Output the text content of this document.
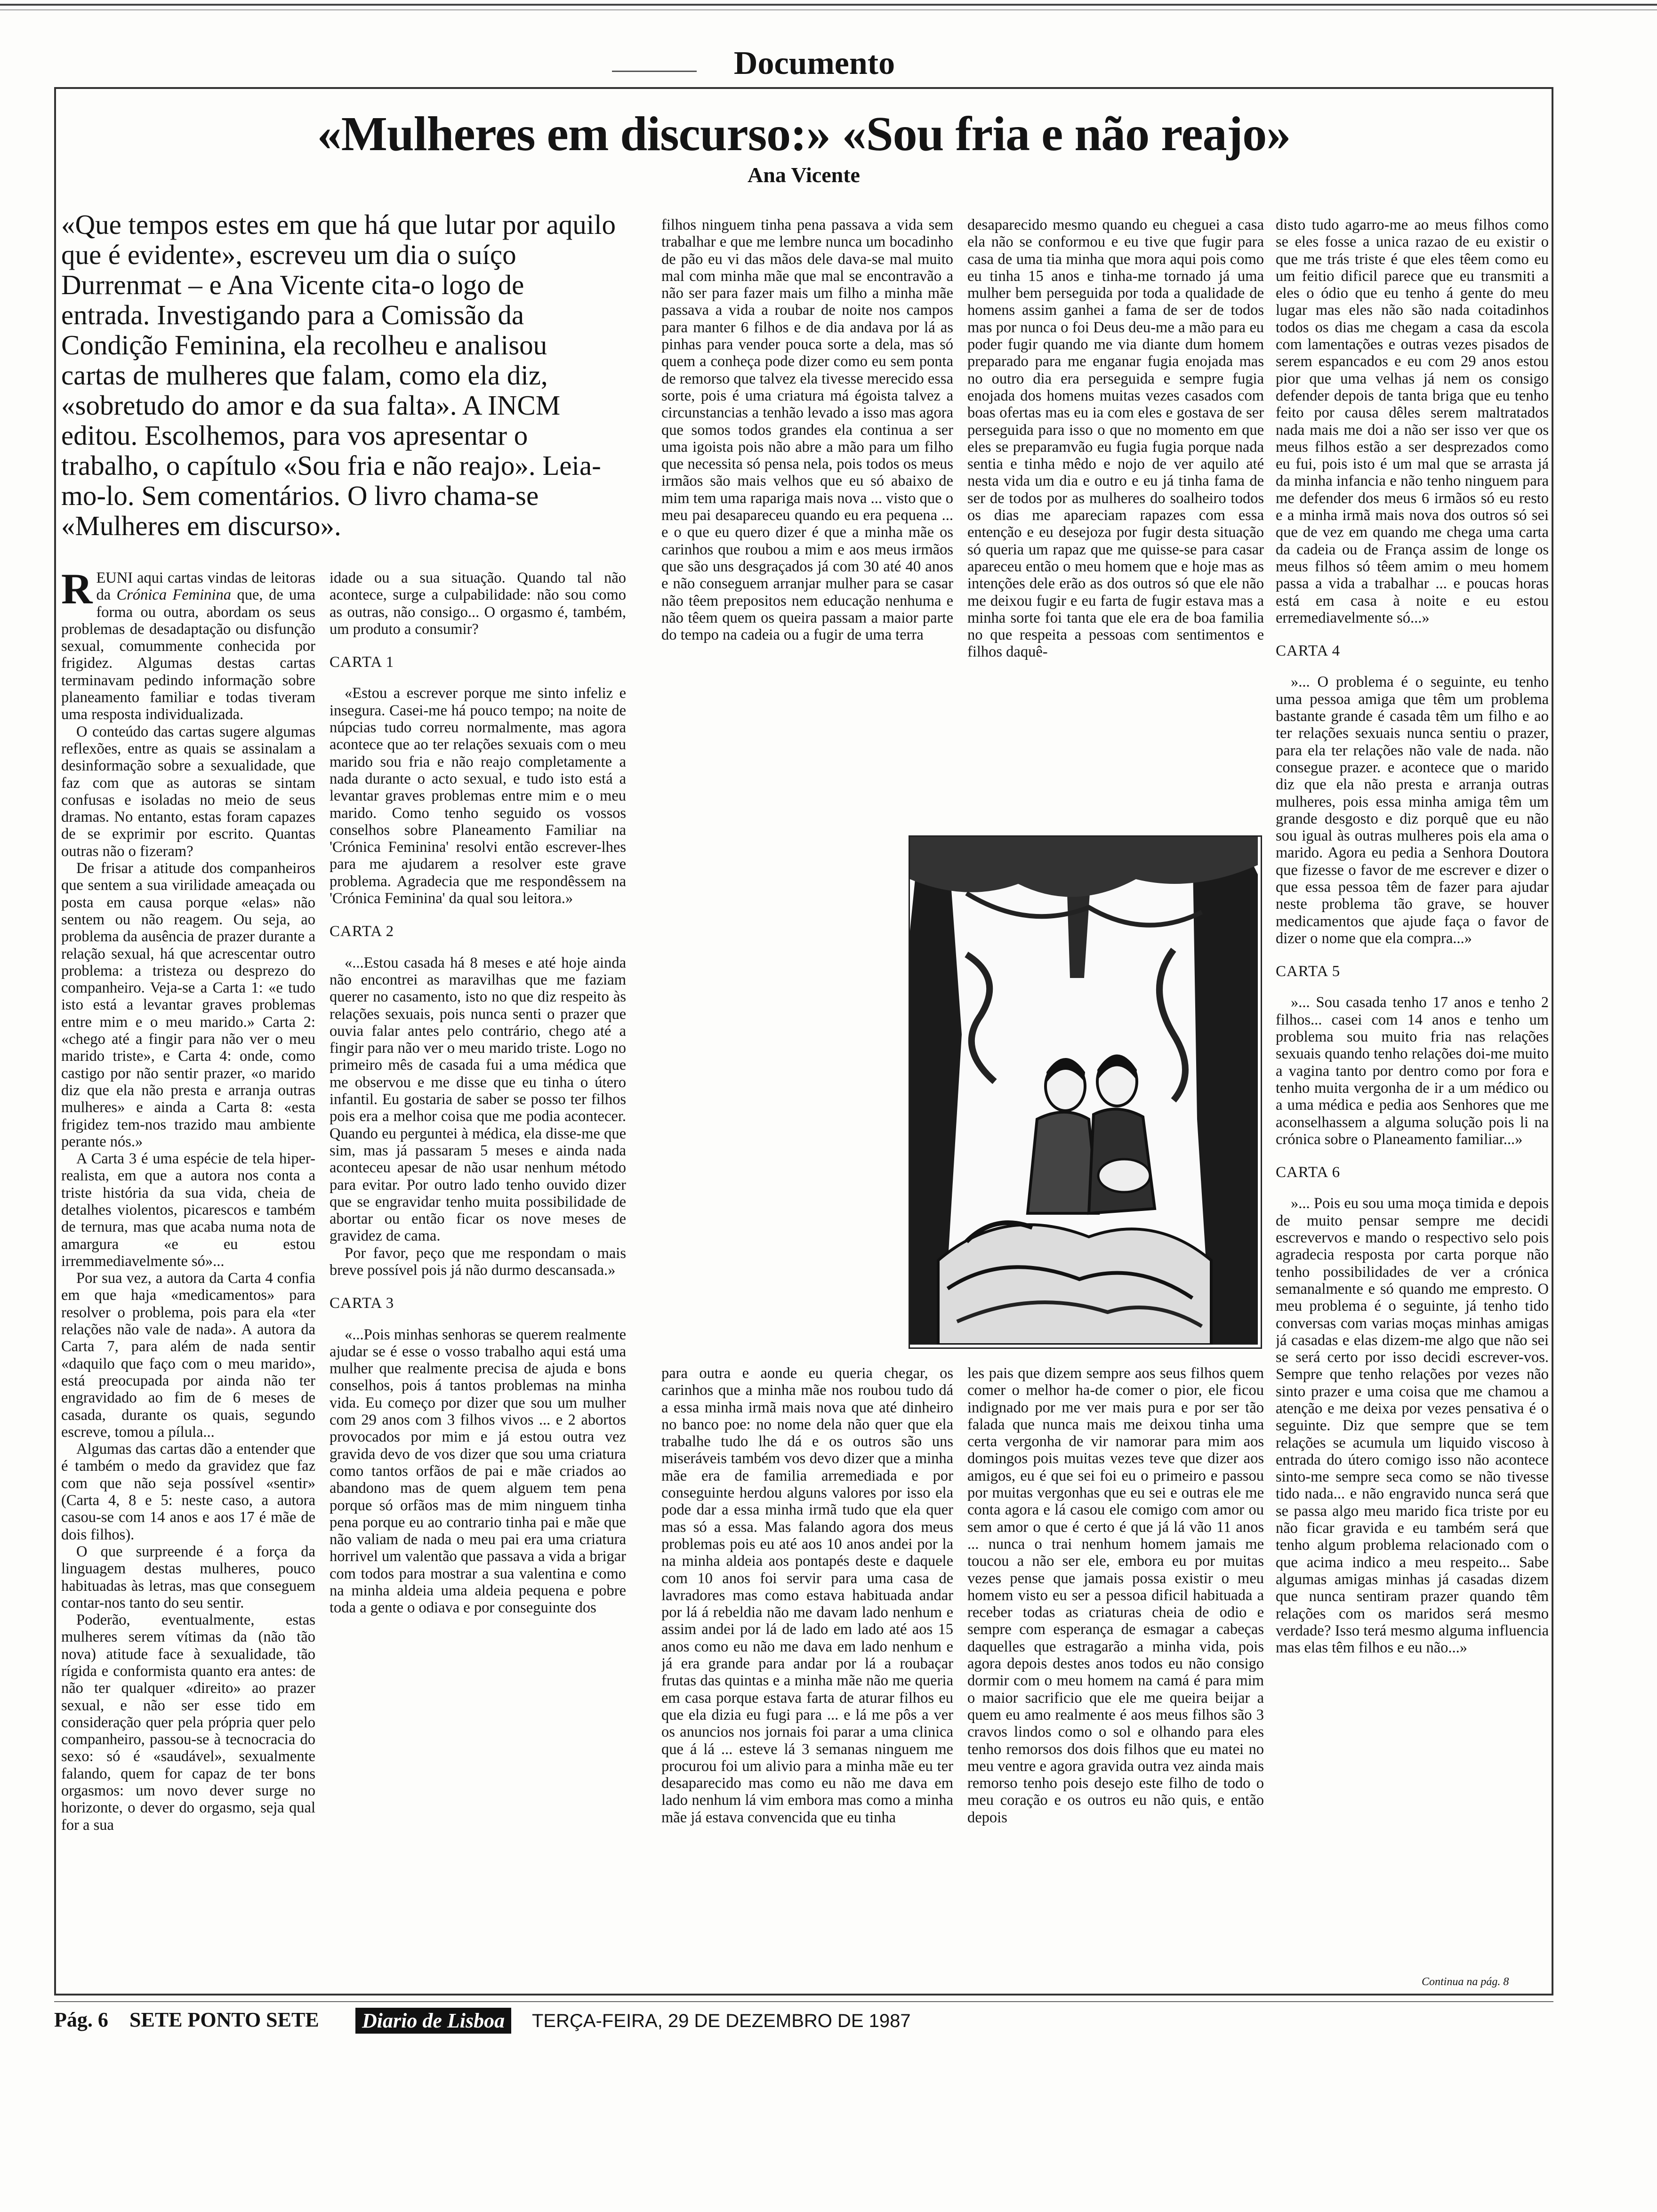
Documento
«Mulheres em discurso:» «Sou fria e não reajo»
Ana Vicente
«Que tempos estes em que há que lutar por aquilo que é evidente», escreveu um dia o suíço Durrenmat – e Ana Vicente cita-o logo de entrada. Investigando para a Comissão da Condição Feminina, ela recolheu e analisou cartas de mulheres que falam, como ela diz, «sobretudo do amor e da sua falta». A INCM editou. Escolhemos, para vos apresentar o trabalho, o capítulo «Sou fria e não reajo». Leia-mo-lo. Sem comentários. O livro chama-se «Mulheres em discurso».

REUNI aqui cartas vindas de leitoras da Crónica Feminina que, de uma forma ou outra, abordam os seus problemas de desadaptação ou disfunção sexual, comummente conhecida por frigidez. Algumas destas cartas terminavam pedindo informação sobre planeamento familiar e todas tiveram uma resposta individualizada.

O conteúdo das cartas sugere algumas reflexões, entre as quais se assinalam a desinformação sobre a sexualidade, que faz com que as autoras se sintam confusas e isoladas no meio de seus dramas. No entanto, estas foram capazes de se exprimir por escrito. Quantas outras não o fizeram?

De frisar a atitude dos companheiros que sentem a sua virilidade ameaçada ou posta em causa porque «elas» não sentem ou não reagem. Ou seja, ao problema da ausência de prazer durante a relação sexual, há que acrescentar outro problema: a tristeza ou desprezo do companheiro. Veja-se a Carta 1: «e tudo isto está a levantar graves problemas entre mim e o meu marido.» Carta 2: «chego até a fingir para não ver o meu marido triste», e Carta 4: onde, como castigo por não sentir prazer, «o marido diz que ela não presta e arranja outras mulheres» e ainda a Carta 8: «esta frigidez tem-nos trazido mau ambiente perante nós.»

A Carta 3 é uma espécie de tela hiper-realista, em que a autora nos conta a triste história da sua vida, cheia de detalhes violentos, picarescos e também de ternura, mas que acaba numa nota de amargura «e eu estou irremmediavelmente só»...

Por sua vez, a autora da Carta 4 confia em que haja «medicamentos» para resolver o problema, pois para ela «ter relações não vale de nada». A autora da Carta 7, para além de nada sentir «daquilo que faço com o meu marido», está preocupada por ainda não ter engravidado ao fim de 6 meses de casada, durante os quais, segundo escreve, tomou a pílula...

Algumas das cartas dão a entender que é também o medo da gravidez que faz com que não seja possível «sentir» (Carta 4, 8 e 5: neste caso, a autora casou-se com 14 anos e aos 17 é mãe de dois filhos).

O que surpreende é a força da linguagem destas mulheres, pouco habituadas às letras, mas que conseguem contar-nos tanto do seu sentir.

Poderão, eventualmente, estas mulheres serem vítimas da (não tão nova) atitude face à sexualidade, tão rígida e conformista quanto era antes: de não ter qualquer «direito» ao prazer sexual, e não ser esse tido em consideração quer pela própria quer pelo companheiro, passou-se à tecnocracia do sexo: só é «saudável», sexualmente falando, quem for capaz de ter bons orgasmos: um novo dever surge no horizonte, o dever do orgasmo, seja qual for a sua

idade ou a sua situação. Quando tal não acontece, surge a culpabilidade: não sou como as outras, não consigo... O orgasmo é, também, um produto a consumir?

CARTA 1

«Estou a escrever porque me sinto infeliz e insegura. Casei-me há pouco tempo; na noite de núpcias tudo correu normalmente, mas agora acontece que ao ter relações sexuais com o meu marido sou fria e não reajo completamente a nada durante o acto sexual, e tudo isto está a levantar graves problemas entre mim e o meu marido. Como tenho seguido os vossos conselhos sobre Planeamento Familiar na 'Crónica Feminina' resolvi então escrever-lhes para me ajudarem a resolver este grave problema. Agradecia que me respondêssem na 'Crónica Feminina' da qual sou leitora.»

CARTA 2

«...Estou casada há 8 meses e até hoje ainda não encontrei as maravilhas que me faziam querer no casamento, isto no que diz respeito às relações sexuais, pois nunca senti o prazer que ouvia falar antes pelo contrário, chego até a fingir para não ver o meu marido triste. Logo no primeiro mês de casada fui a uma médica que me observou e me disse que eu tinha o útero infantil. Eu gostaria de saber se posso ter filhos pois era a melhor coisa que me podia acontecer. Quando eu perguntei à médica, ela disse-me que sim, mas já passaram 5 meses e ainda nada aconteceu apesar de não usar nenhum método para evitar. Por outro lado tenho ouvido dizer que se engravidar tenho muita possibilidade de abortar ou então ficar os nove meses de gravidez de cama.

Por favor, peço que me respondam o mais breve possível pois já não durmo descansada.»

CARTA 3

«...Pois minhas senhoras se querem realmente ajudar se é esse o vosso trabalho aqui está uma mulher que realmente precisa de ajuda e bons conselhos, pois á tantos problemas na minha vida. Eu começo por dizer que sou um mulher com 29 anos com 3 filhos vivos ... e 2 abortos provocados por mim e já estou outra vez gravida devo de vos dizer que sou uma criatura como tantos orfãos de pai e mãe criados ao abandono mas de quem alguem tem pena porque só orfãos mas de mim ninguem tinha pena porque eu ao contrario tinha pai e mãe que não valiam de nada o meu pai era uma criatura horrivel um valentão que passava a vida a brigar com todos para mostrar a sua valentina e como na minha aldeia uma aldeia pequena e pobre toda a gente o odiava e por conseguinte dos

filhos ninguem tinha pena passava a vida sem trabalhar e que me lembre nunca um bocadinho de pão eu vi das mãos dele dava-se mal muito mal com minha mãe que mal se encontravão a não ser para fazer mais um filho a minha mãe passava a vida a roubar de noite nos campos para manter 6 filhos e de dia andava por lá as pinhas para vender pouca sorte a dela, mas só quem a conheça pode dizer como eu sem ponta de remorso que talvez ela tivesse merecido essa sorte, pois é uma criatura má égoista talvez a circunstancias a tenhão levado a isso mas agora que somos todos grandes ela continua a ser uma igoista pois não abre a mão para um filho que necessita só pensa nela, pois todos os meus irmãos são mais velhos que eu só abaixo de mim tem uma rapariga mais nova ... visto que o meu pai desapareceu quando eu era pequena ... e o que eu quero dizer é que a minha mãe os carinhos que roubou a mim e aos meus irmãos que são uns desgraçados já com 30 até 40 anos e não conseguem arranjar mulher para se casar não têem prepositos nem educação nenhuma e não têem quem os queira passam a maior parte do tempo na cadeia ou a fugir de uma terra

desaparecido mesmo quando eu cheguei a casa ela não se conformou e eu tive que fugir para casa de uma tia minha que mora aqui pois como eu tinha 15 anos e tinha-me tornado já uma mulher bem perseguida por toda a qualidade de homens assim ganhei a fama de ser de todos mas por nunca o foi Deus deu-me a mão para eu poder fugir quando me via diante dum homem preparado para me enganar fugia enojada mas no outro dia era perseguida e sempre fugia enojada dos homens muitas vezes casados com boas ofertas mas eu ia com eles e gostava de ser perseguida para isso o que no momento em que eles se preparamvão eu fugia fugia porque nada sentia e tinha mêdo e nojo de ver aquilo até nesta vida um dia e outro e eu já tinha fama de ser de todos por as mulheres do soalheiro todos os dias me apareciam rapazes com essa entenção e eu desejoza por fugir desta situação só queria um rapaz que me quisse-se para casar apareceu então o meu homem que e hoje mas as intenções dele erão as dos outros só que ele não me deixou fugir e eu farta de fugir estava mas a minha sorte foi tanta que ele era de boa familia no que respeita a pessoas com sentimentos e filhos daquê-

para outra e aonde eu queria chegar, os carinhos que a minha mãe nos roubou tudo dá a essa minha irmã mais nova que até dinheiro no banco poe: no nome dela não quer que ela trabalhe tudo lhe dá e os outros são uns miseráveis também vos devo dizer que a minha mãe era de familia arremediada e por conseguinte herdou alguns valores por isso ela pode dar a essa minha irmã tudo que ela quer mas só a essa. Mas falando agora dos meus problemas pois eu até aos 10 anos andei por la na minha aldeia aos pontapés deste e daquele com 10 anos foi servir para uma casa de lavradores mas como estava habituada andar por lá á rebeldia não me davam lado nenhum e assim andei por lá de lado em lado até aos 15 anos como eu não me dava em lado nenhum e já era grande para andar por lá a roubaçar frutas das quintas e a minha mãe não me queria em casa porque estava farta de aturar filhos eu que ela dizia eu fugi para ... e lá me pôs a ver os anuncios nos jornais foi parar a uma clinica que á lá ... esteve lá 3 semanas ninguem me procurou foi um alivio para a minha mãe eu ter desaparecido mas como eu não me dava em lado nenhum lá vim embora mas como a minha mãe já estava convencida que eu tinha

les pais que dizem sempre aos seus filhos quem comer o melhor ha-de comer o pior, ele ficou indignado por me ver mais pura e por ser tão falada que nunca mais me deixou tinha uma certa vergonha de vir namorar para mim aos domingos pois muitas vezes teve que dizer aos amigos, eu é que sei foi eu o primeiro e passou por muitas vergonhas que eu sei e outras ele me conta agora e lá casou ele comigo com amor ou sem amor o que é certo é que já lá vão 11 anos ... nunca o trai nenhum homem jamais me toucou a não ser ele, embora eu por muitas vezes pense que jamais possa existir o meu homem visto eu ser a pessoa dificil habituada a receber todas as criaturas cheia de odio e sempre com esperança de esmagar a cabeças daquelles que estragarão a minha vida, pois agora depois destes anos todos eu não consigo dormir com o meu homem na camá é para mim o maior sacrificio que ele me queira beijar a quem eu amo realmente é aos meus filhos são 3 cravos lindos como o sol e olhando para eles tenho remorsos dos dois filhos que eu matei no meu ventre e agora gravida outra vez ainda mais remorso tenho pois desejo este filho de todo o meu coração e os outros eu não quis, e então depois

disto tudo agarro-me ao meus filhos como se eles fosse a unica razao de eu existir o que me trás triste é que eles têem como eu um feitio dificil parece que eu transmiti a eles o ódio que eu tenho á gente do meu lugar mas eles não são nada coitadinhos todos os dias me chegam a casa da escola com lamentações e outras vezes pisados de serem espancados e eu com 29 anos estou pior que uma velhas já nem os consigo defender depois de tanta briga que eu tenho feito por causa dêles serem maltratados nada mais me doi a não ser isso ver que os meus filhos estão a ser desprezados como eu fui, pois isto é um mal que se arrasta já da minha infancia e não tenho ninguem para me defender dos meus 6 irmãos só eu resto e a minha irmã mais nova dos outros só sei que de vez em quando me chega uma carta da cadeia ou de França assim de longe os meus filhos só têem amim o meu homem passa a vida a trabalhar ... e poucas horas está em casa à noite e eu estou erremediavelmente só...»

CARTA 4

»... O problema é o seguinte, eu tenho uma pessoa amiga que têm um problema bastante grande é casada têm um filho e ao ter relações sexuais nunca sentiu o prazer, para ela ter relações não vale de nada. não consegue prazer. e acontece que o marido diz que ela não presta e arranja outras mulheres, pois essa minha amiga têm um grande desgosto e diz porquê que eu não sou igual às outras mulheres pois ela ama o marido. Agora eu pedia a Senhora Doutora que fizesse o favor de me escrever e dizer o que essa pessoa têm de fazer para ajudar neste problema tão grave, se houver medicamentos que ajude faça o favor de dizer o nome que ela compra...»

CARTA 5

»... Sou casada tenho 17 anos e tenho 2 filhos... casei com 14 anos e tenho um problema sou muito fria nas relações sexuais quando tenho relações doi-me muito a vagina tanto por dentro como por fora e tenho muita vergonha de ir a um médico ou a uma médica e pedia aos Senhores que me aconselhassem a alguma solução pois li na crónica sobre o Planeamento familiar...»

CARTA 6

»... Pois eu sou uma moça timida e depois de muito pensar sempre me decidi escrevervos e mando o respectivo selo pois agradecia resposta por carta porque não tenho possibilidades de ver a crónica semanalmente e só quando me empresto. O meu problema é o seguinte, já tenho tido conversas com varias moças minhas amigas já casadas e elas dizem-me algo que não sei se será certo por isso decidi escrever-vos. Sempre que tenho relações por vezes não sinto prazer e uma coisa que me chamou a atenção e me deixa por vezes pensativa é o seguinte. Diz que sempre que se tem relações se acumula um liquido viscoso à entrada do útero comigo isso não acontece sinto-me sempre seca como se não tivesse tido nada... e não engravido nunca será que se passa algo meu marido fica triste por eu não ficar gravida e eu também será que tenho algum problema relacionado com o que acima indico a meu respeito... Sabe algumas amigas minhas já casadas dizem que nunca sentiram prazer quando têm relações com os maridos será mesmo verdade? Isso terá mesmo alguma influencia mas elas têm filhos e eu não...»

Continua na pág. 8
Pág. 6 SETE PONTO SETE	Diario de Lisboa	TERÇA-FEIRA, 29 DE DEZEMBRO DE 1987
